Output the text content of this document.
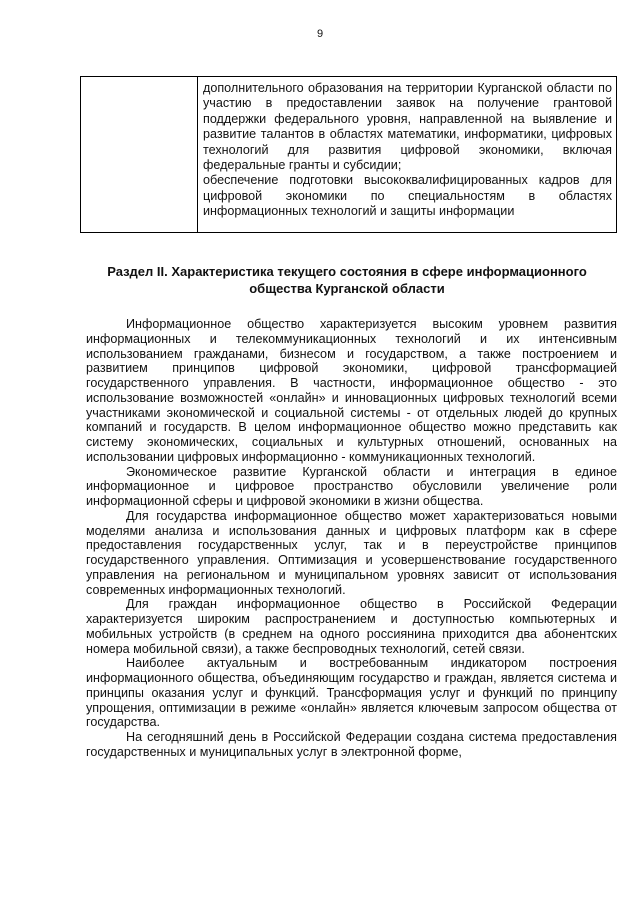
9

дополнительного образования на территории Курганской области по участию в предоставлении заявок на получение грантовой поддержки федерального уровня, направленной на выявление и развитие талантов в областях математики, информатики, цифровых технологий для развития цифровой экономики, включая федеральные гранты и субсидии;

обеспечение подготовки высококвалифицированных кадров для цифровой экономики по специальностям в областях информационных технологий и защиты информации

Раздел II. Характеристика текущего состояния в сфере информационного общества Курганской области

Информационное общество характеризуется высоким уровнем развития информационных и телекоммуникационных технологий и их интенсивным использованием гражданами, бизнесом и государством, а также построением и развитием принципов цифровой экономики, цифровой трансформацией государственного управления. В частности, информационное общество - это использование возможностей «онлайн» и инновационных цифровых технологий всеми участниками экономической и социальной системы - от отдельных людей до крупных компаний и государств. В целом информационное общество можно представить как систему экономических, социальных и культурных отношений, основанных на использовании цифровых информационно - коммуникационных технологий.

Экономическое развитие Курганской области и интеграция в единое информационное и цифровое пространство обусловили увеличение роли информационной сферы и цифровой экономики в жизни общества.

Для государства информационное общество может характеризоваться новыми моделями анализа и использования данных и цифровых платформ как в сфере предоставления государственных услуг, так и в переустройстве принципов государственного управления. Оптимизация и усовершенствование государственного управления на региональном и муниципальном уровнях зависит от использования современных информационных технологий.

Для граждан информационное общество в Российской Федерации характеризуется широким распространением и доступностью компьютерных и мобильных устройств (в среднем на одного россиянина приходится два абонентских номера мобильной связи), а также беспроводных технологий, сетей связи.

Наиболее актуальным и востребованным индикатором построения информационного общества, объединяющим государство и граждан, является система и принципы оказания услуг и функций. Трансформация услуг и функций по принципу упрощения, оптимизации в режиме «онлайн» является ключевым запросом общества от государства.

На сегодняшний день в Российской Федерации создана система предоставления государственных и муниципальных услуг в электронной форме,
